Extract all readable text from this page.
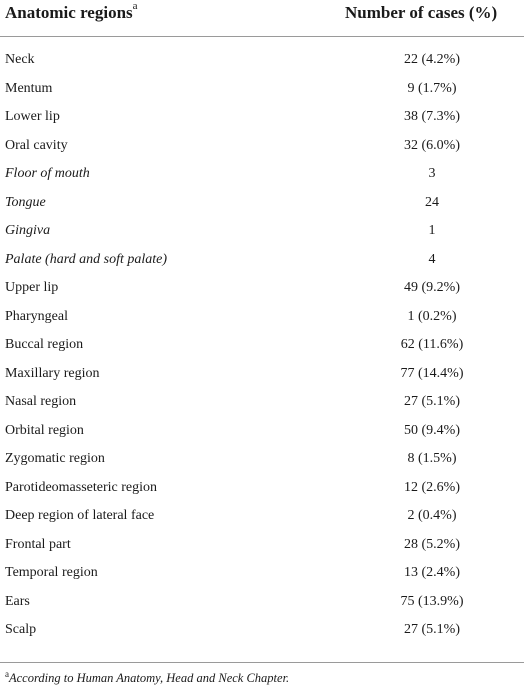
Anatomic regions$^a$	Number of cases (%)
Neck	22 (4.2%)
Mentum	9 (1.7%)
Lower lip	38 (7.3%)
Oral cavity	32 (6.0%)
Floor of mouth	3
Tongue	24
Gingiva	1
Palate (hard and soft palate)	4
Upper lip	49 (9.2%)
Pharyngeal	1 (0.2%)
Buccal region	62 (11.6%)
Maxillary region	77 (14.4%)
Nasal region	27 (5.1%)
Orbital region	50 (9.4%)
Zygomatic region	8 (1.5%)
Parotideomasseteric region	12 (2.6%)
Deep region of lateral face	2 (0.4%)
Frontal part	28 (5.2%)
Temporal region	13 (2.4%)
Ears	75 (13.9%)
Scalp	27 (5.1%)
$^a$According to Human Anatomy, Head and Neck Chapter.
